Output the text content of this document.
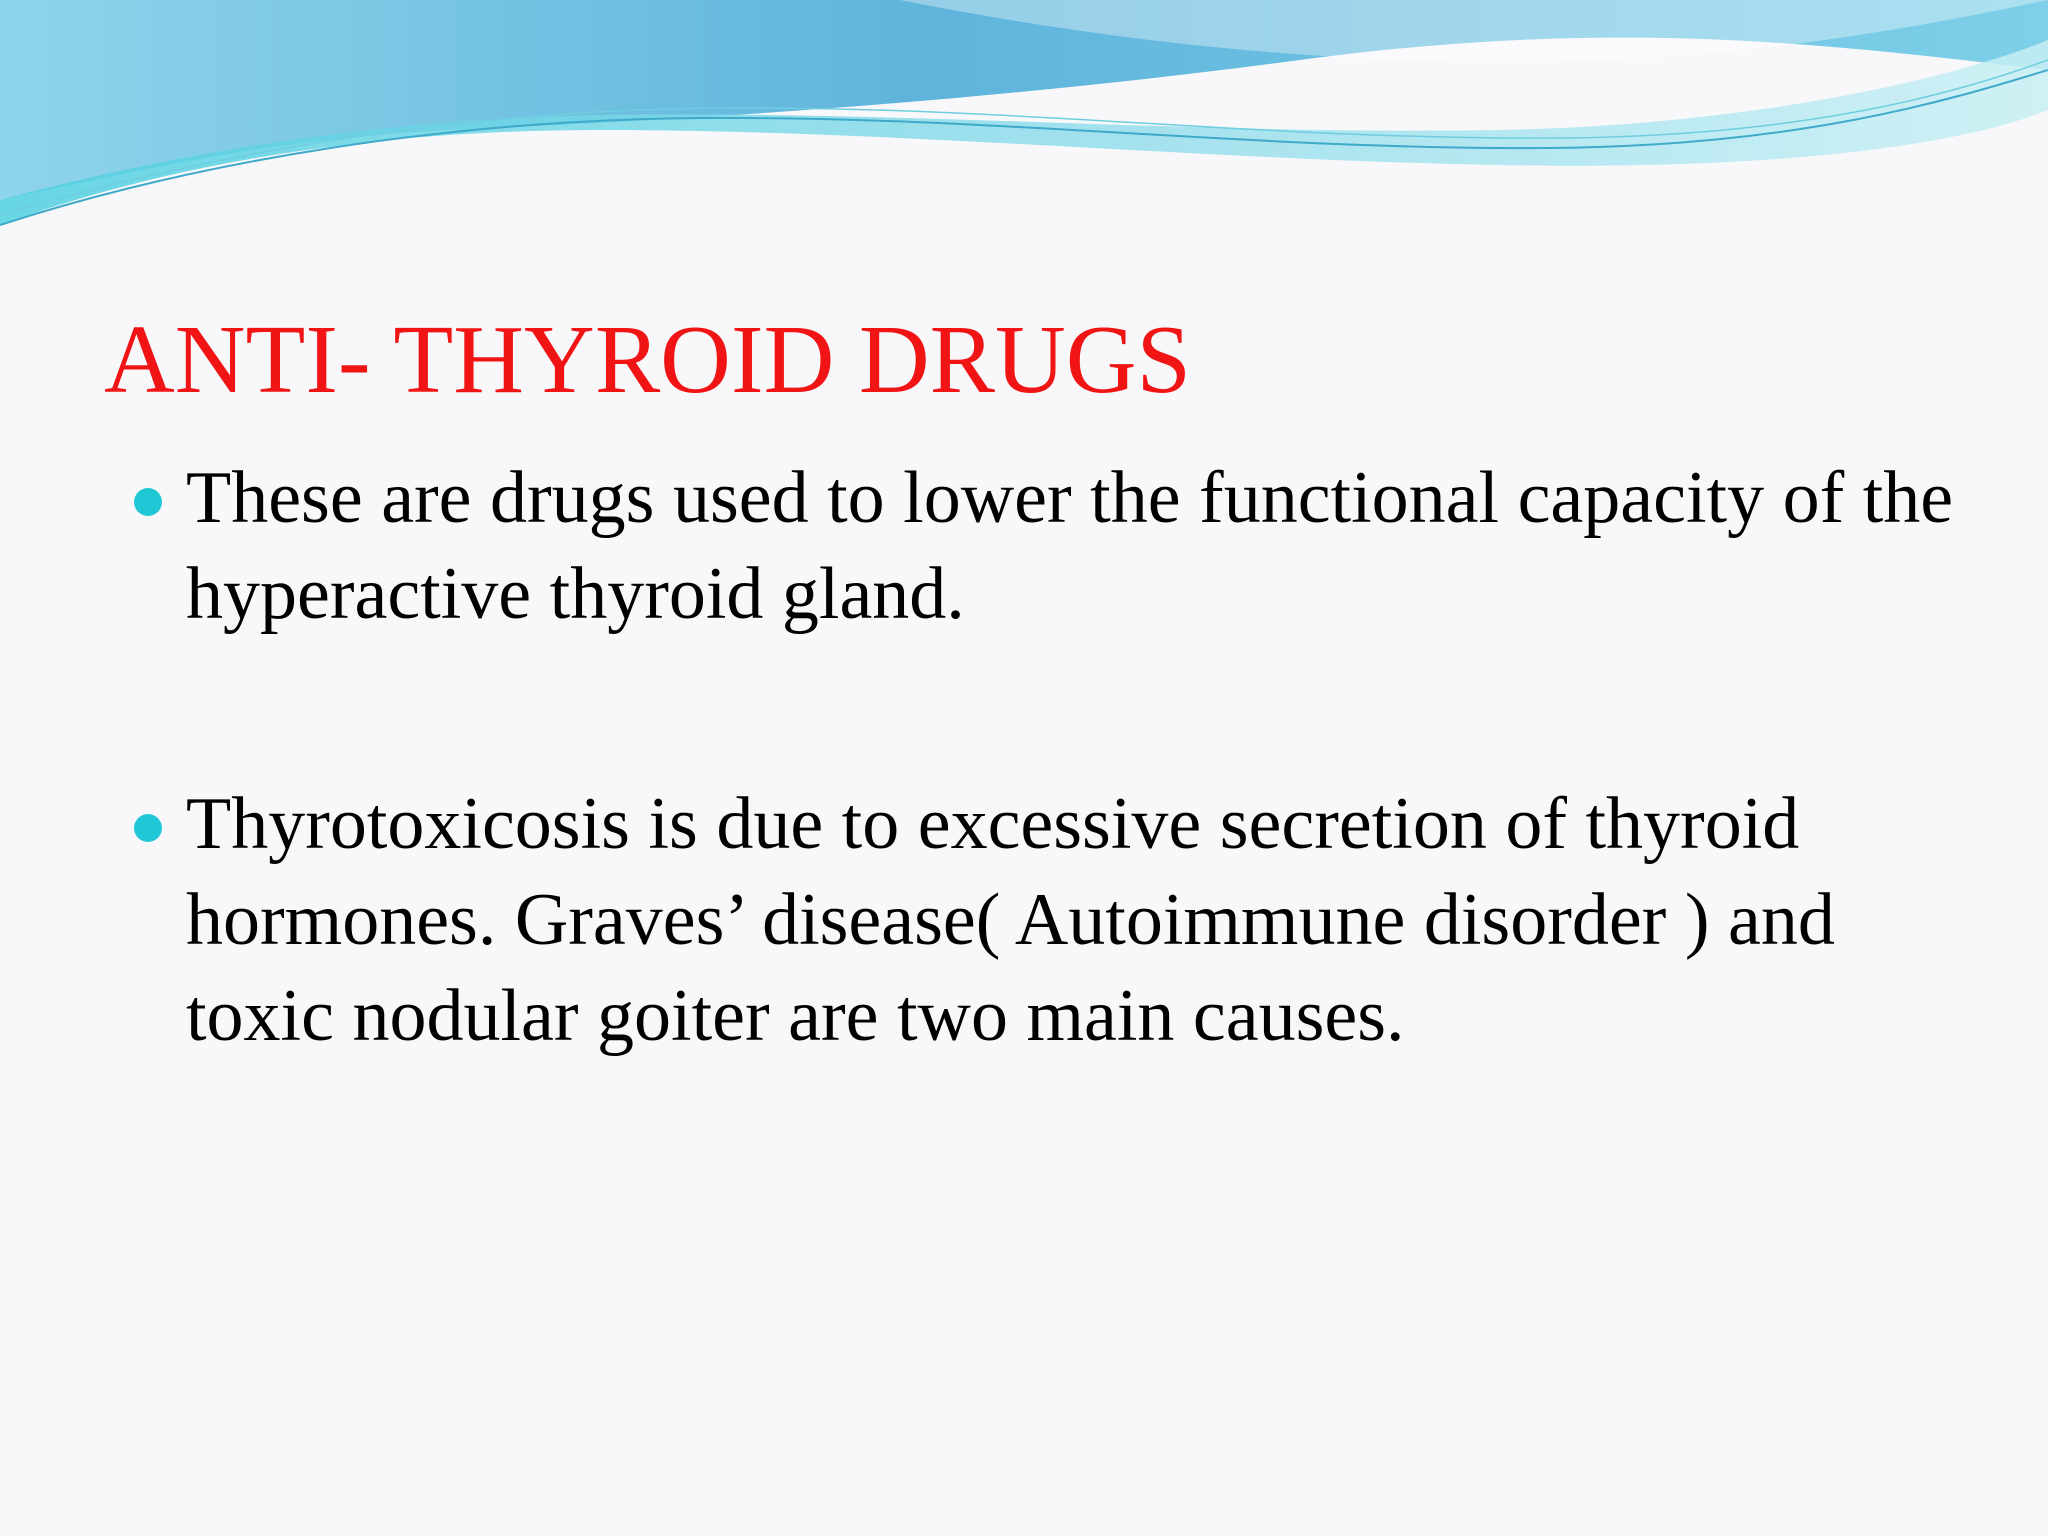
ANTI- THYROID DRUGS
These are drugs used to lower the functional capacity of the hyperactive thyroid gland.
Thyrotoxicosis is due to excessive secretion of thyroid hormones. Graves’ disease( Autoimmune disorder ) and toxic nodular goiter are two main causes.
